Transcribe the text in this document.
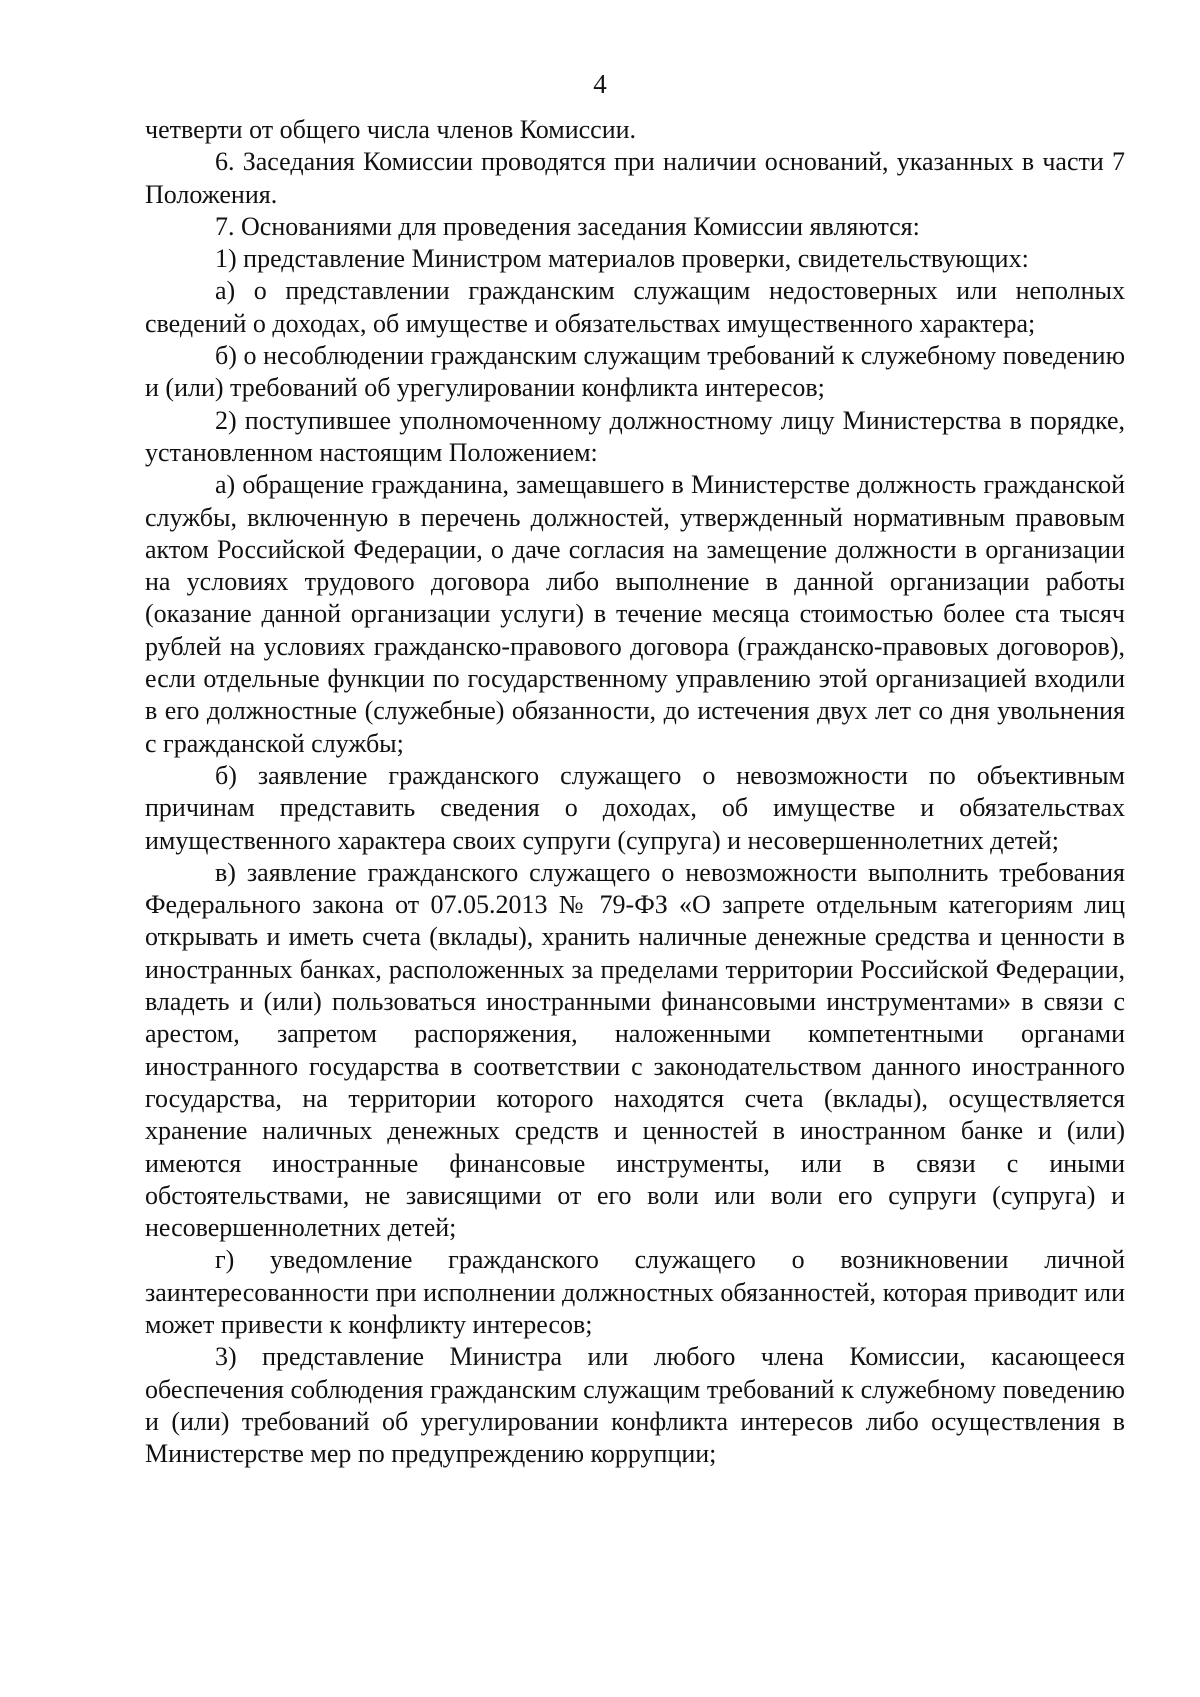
4

четверти от общего числа членов Комиссии.

6. Заседания Комиссии проводятся при наличии оснований, указанных в части 7 Положения.

7. Основаниями для проведения заседания Комиссии являются:

1) представление Министром материалов проверки, свидетельствующих:

а) о представлении гражданским служащим недостоверных или неполных сведений о доходах, об имуществе и обязательствах имущественного характера;

б) о несоблюдении гражданским служащим требований к служебному поведению и (или) требований об урегулировании конфликта интересов;

2) поступившее уполномоченному должностному лицу Министерства в порядке, установленном настоящим Положением:

а) обращение гражданина, замещавшего в Министерстве должность гражданской службы, включенную в перечень должностей, утвержденный нормативным правовым актом Российской Федерации, о даче согласия на замещение должности в организации на условиях трудового договора либо выполнение в данной организации работы (оказание данной организации услуги) в течение месяца стоимостью более ста тысяч рублей на условиях гражданско-правового договора (гражданско-правовых договоров), если отдельные функции по государственному управлению этой организацией входили в его должностные (служебные) обязанности, до истечения двух лет со дня увольнения с гражданской службы;

б) заявление гражданского служащего о невозможности по объективным причинам представить сведения о доходах, об имуществе и обязательствах имущественного характера своих супруги (супруга) и несовершеннолетних детей;

в) заявление гражданского служащего о невозможности выполнить требования Федерального закона от 07.05.2013 № 79-ФЗ «О запрете отдельным категориям лиц открывать и иметь счета (вклады), хранить наличные денежные средства и ценности в иностранных банках, расположенных за пределами территории Российской Федерации, владеть и (или) пользоваться иностранными финансовыми инструментами» в связи с арестом, запретом распоряжения, наложенными компетентными органами иностранного государства в соответствии с законодательством данного иностранного государства, на территории которого находятся счета (вклады), осуществляется хранение наличных денежных средств и ценностей в иностранном банке и (или) имеются иностранные финансовые инструменты, или в связи с иными обстоятельствами, не зависящими от его воли или воли его супруги (супруга) и несовершеннолетних детей;

г) уведомление гражданского служащего о возникновении личной заинтересованности при исполнении должностных обязанностей, которая приводит или может привести к конфликту интересов;

3) представление Министра или любого члена Комиссии, касающееся обеспечения соблюдения гражданским служащим требований к служебному поведению и (или) требований об урегулировании конфликта интересов либо осуществления в Министерстве мер по предупреждению коррупции;
